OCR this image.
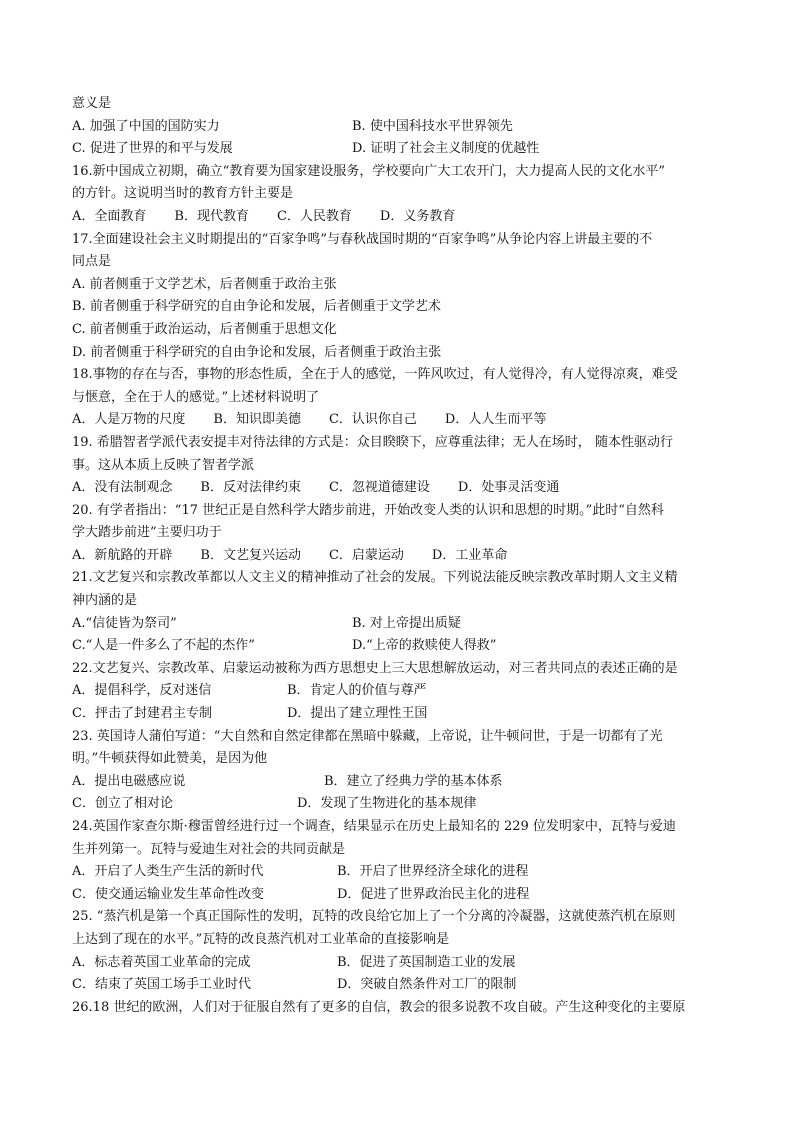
意义是
A. 加强了中国的国防实力	B. 使中国科技水平世界领先
C. 促进了世界的和平与发展	D. 证明了社会主义制度的优越性
16.新中国成立初期，确立“教育要为国家建设服务，学校要向广大工农开门，大力提高人民的文化水平”
的方针。这说明当时的教育方针主要是
A．全面教育 B．现代教育 C．人民教育 D．义务教育
17.全面建设社会主义时期提出的“百家争鸣”与春秋战国时期的“百家争鸣”从争论内容上讲最主要的不
同点是
A. 前者侧重于文学艺术，后者侧重于政治主张
B. 前者侧重于科学研究的自由争论和发展，后者侧重于文学艺术
C. 前者侧重于政治运动，后者侧重于思想文化
D. 前者侧重于科学研究的自由争论和发展，后者侧重于政治主张
18.事物的存在与否，事物的形态性质，全在于人的感觉，一阵风吹过，有人觉得冷，有人觉得凉爽，难受
与惬意，全在于人的感觉。”上述材料说明了
A．人是万物的尺度 B．知识即美德 C．认识你自己 D．人人生而平等
19. 希腊智者学派代表安提丰对待法律的方式是：众目睽睽下，应尊重法律；无人在场时， 随本性驱动行
事。这从本质上反映了智者学派
A．没有法制观念 B．反对法律约束 C．忽视道德建设 D．处事灵活变通
20. 有学者指出：“17 世纪正是自然科学大踏步前进，开始改变人类的认识和思想的时期。”此时“自然科
学大踏步前进”主要归功于
A．新航路的开辟 B．文艺复兴运动 C．启蒙运动 D．工业革命
21.文艺复兴和宗教改革都以人文主义的精神推动了社会的发展。下列说法能反映宗教改革时期人文主义精
神内涵的是
A.“信徒皆为祭司”	B. 对上帝提出质疑
C.“人是一件多么了不起的杰作”	D.“上帝的救赎使人得救”
22.文艺复兴、宗教改革、启蒙运动被称为西方思想史上三大思想解放运动，对三者共同点的表述正确的是
A．提倡科学，反对迷信	B．肯定人的价值与尊严
C．抨击了封建君主专制	D．提出了建立理性王国
23. 英国诗人蒲伯写道：“大自然和自然定律都在黑暗中躲藏，上帝说，让牛顿问世，于是一切都有了光
明。”牛顿获得如此赞美，是因为他
A．提出电磁感应说	B．建立了经典力学的基本体系
C．创立了相对论	D．发现了生物进化的基本规律
24.英国作家查尔斯·穆雷曾经进行过一个调查，结果显示在历史上最知名的 229 位发明家中，瓦特与爱迪
生并列第一。瓦特与爱迪生对社会的共同贡献是
A．开启了人类生产生活的新时代	B．开启了世界经济全球化的进程
C．使交通运输业发生革命性改变	D．促进了世界政治民主化的进程
25. “蒸汽机是第一个真正国际性的发明，瓦特的改良给它加上了一个分离的冷凝器，这就使蒸汽机在原则
上达到了现在的水平。”瓦特的改良蒸汽机对工业革命的直接影响是
A．标志着英国工业革命的完成	B．促进了英国制造工业的发展
C．结束了英国工场手工业时代	D．突破自然条件对工厂的限制
26.18 世纪的欧洲，人们对于征服自然有了更多的自信，教会的很多说教不攻自破。产生这种变化的主要原
